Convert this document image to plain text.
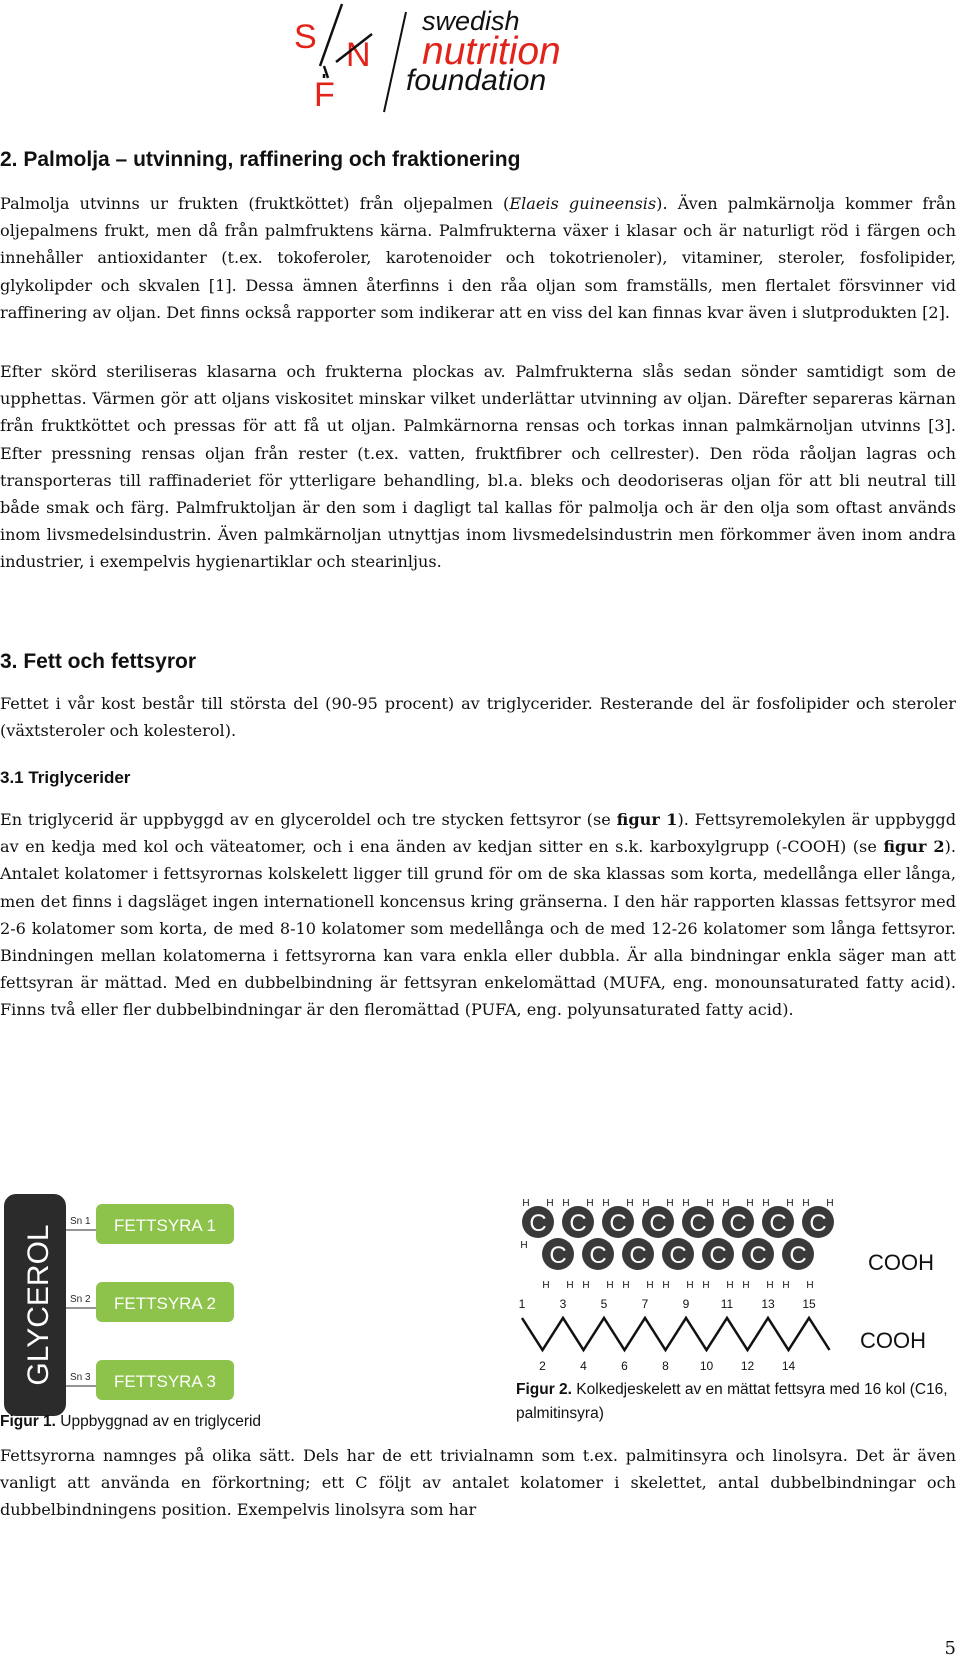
S N
F
swedish
nutrition
foundation
2. Palmolja – utvinning, raffinering och fraktionering

Palmolja utvinns ur frukten (fruktköttet) från oljepalmen (Elaeis guineensis). Även palmkärnolja kommer från oljepalmens frukt, men då från palmfruktens kärna. Palmfrukterna växer i klasar och är naturligt röd i färgen och innehåller antioxidanter (t.ex. tokoferoler, karotenoider och tokotrienoler), vitaminer, steroler, fosfolipider, glykolipder och skvalen [1]. Dessa ämnen återfinns i den råa oljan som framställs, men flertalet försvinner vid raffinering av oljan. Det finns också rapporter som indikerar att en viss del kan finnas kvar även i slutprodukten [2].

Efter skörd steriliseras klasarna och frukterna plockas av. Palmfrukterna slås sedan sönder samtidigt som de upphettas. Värmen gör att oljans viskositet minskar vilket underlättar utvinning av oljan. Därefter separeras kärnan från fruktköttet och pressas för att få ut oljan. Palmkärnorna rensas och torkas innan palmkärnoljan utvinns [3]. Efter pressning rensas oljan från rester (t.ex. vatten, fruktfibrer och cellrester). Den röda råoljan lagras och transporteras till raffinaderiet för ytterligare behandling, bl.a. bleks och deodoriseras oljan för att bli neutral till både smak och färg. Palmfruktoljan är den som i dagligt tal kallas för palmolja och är den olja som oftast används inom livsmedelsindustrin. Även palmkärnoljan utnyttjas inom livsmedelsindustrin men förkommer även inom andra industrier, i exempelvis hygienartiklar och stearinljus.

3. Fett och fettsyror

Fettet i vår kost består till största del (90-95 procent) av triglycerider. Resterande del är fosfolipider och steroler (växtsteroler och kolesterol).

3.1 Triglycerider

En triglycerid är uppbyggd av en glyceroldel och tre stycken fettsyror (se figur 1). Fettsyremolekylen är uppbyggd av en kedja med kol och väteatomer, och i ena änden av kedjan sitter en s.k. karboxylgrupp (-COOH) (se figur 2). Antalet kolatomer i fettsyrornas kolskelett ligger till grund för om de ska klassas som korta, medellånga eller långa, men det finns i dagsläget ingen internationell koncensus kring gränserna. I den här rapporten klassas fettsyror med 2-6 kolatomer som korta, de med 8-10 kolatomer som medellånga och de med 12-26 kolatomer som långa fettsyror. Bindningen mellan kolatomerna i fettsyrorna kan vara enkla eller dubbla. Är alla bindningar enkla säger man att fettsyran är mättad. Med en dubbelbindning är fettsyran enkelomättad (MUFA, eng. monounsaturated fatty acid). Finns två eller fler dubbelbindningar är den fleromättad (PUFA, eng. polyunsaturated fatty acid).

GLYCEROL
Sn 1
Sn 2
Sn 3
FETTSYRA 1
FETTSYRA 2
FETTSYRA 3

Figur 1. Uppbyggnad av en triglycerid

C
H H
C
H H
C
H H
C
H H
C
H H
C
H H
C
H H
C
H H
C
H H
C
H H
C
H H
C
H H
C
H H
C
H H
C
H H
H
COOH
1	3	5	7	9	11 13 15
2	4	6	8	10 12 14
COOH

Figur 2. Kolkedjeskelett av en mättat fettsyra med 16 kol (C16, palmitinsyra)

Fettsyrorna namnges på olika sätt. Dels har de ett trivialnamn som t.ex. palmitinsyra och linolsyra. Det är även vanligt att använda en förkortning; ett C följt av antalet kolatomer i skelettet, antal dubbelbindningar och dubbelbindningens position. Exempelvis linolsyra som har

5
